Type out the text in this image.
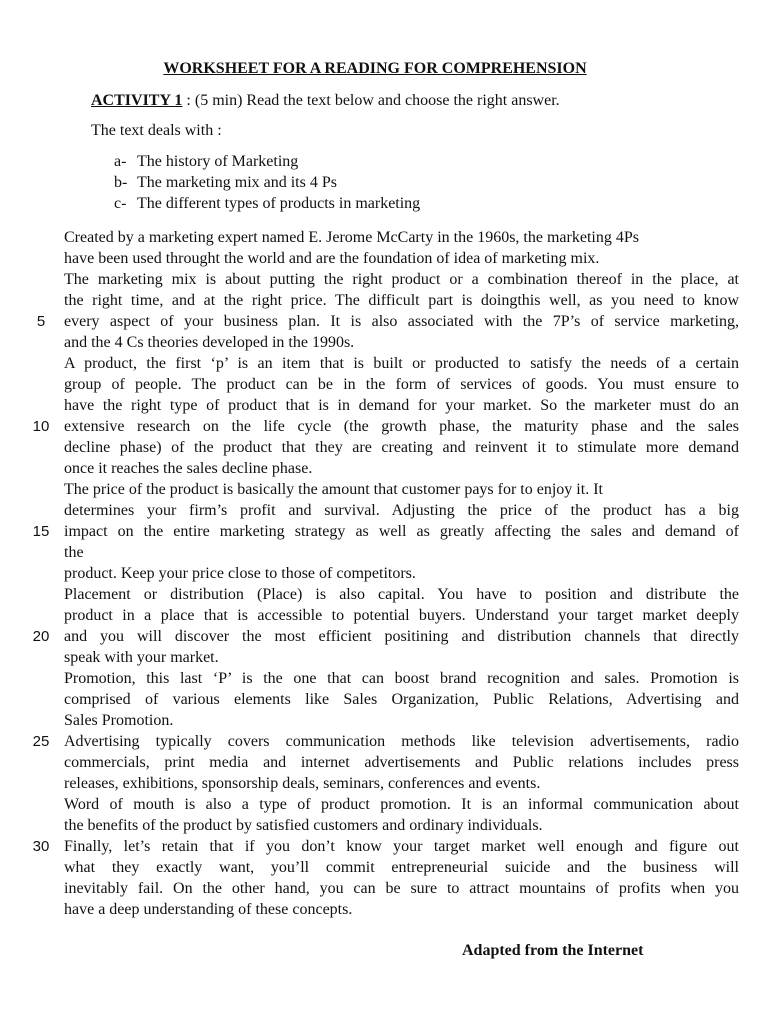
WORKSHEET FOR A READING FOR COMPREHENSION
ACTIVITY 1 : (5 min) Read the text below and choose the right answer.
The text deals with :
a- The history of Marketing
b- The marketing mix and its 4 Ps
c- The different types of products in marketing
Created by a marketing expert named E. Jerome McCarty in the 1960s, the marketing 4Ps
have been used throught the world and are the foundation of idea of marketing mix.
The marketing mix is about putting the right product or a combination thereof in the place, at
the right time, and at the right price. The difficult part is doingthis well, as you need to know
every aspect of your business plan. It is also associated with the 7P’s of service marketing,
and the 4 Cs theories developed in the 1990s.
A product, the first ‘p’ is an item that is built or producted to satisfy the needs of a certain
group of people. The product can be in the form of services of goods. You must ensure to
have the right type of product that is in demand for your market. So the marketer must do an
extensive research on the life cycle (the growth phase, the maturity phase and the sales
decline phase) of the product that they are creating and reinvent it to stimulate more demand
once it reaches the sales decline phase.
The price of the product is basically the amount that customer pays for to enjoy it. It
determines your firm’s profit and survival. Adjusting the price of the product has a big
impact on the entire marketing strategy as well as greatly affecting the sales and demand of
the
product. Keep your price close to those of competitors.
Placement or distribution (Place) is also capital. You have to position and distribute the
product in a place that is accessible to potential buyers. Understand your target market deeply
and you will discover the most efficient positining and distribution channels that directly
speak with your market.
Promotion, this last ‘P’ is the one that can boost brand recognition and sales. Promotion is
comprised of various elements like Sales Organization, Public Relations, Advertising and
Sales Promotion.
Advertising typically covers communication methods like television advertisements, radio
commercials, print media and internet advertisements and Public relations includes press
releases, exhibitions, sponsorship deals, seminars, conferences and events.
Word of mouth is also a type of product promotion. It is an informal communication about
the benefits of the product by satisfied customers and ordinary individuals.
Finally, let’s retain that if you don’t know your target market well enough and figure out
what they exactly want, you’ll commit entrepreneurial suicide and the business will
inevitably fail. On the other hand, you can be sure to attract mountains of profits when you
have a deep understanding of these concepts.
5
10
15
20
25
30
Adapted from the Internet
